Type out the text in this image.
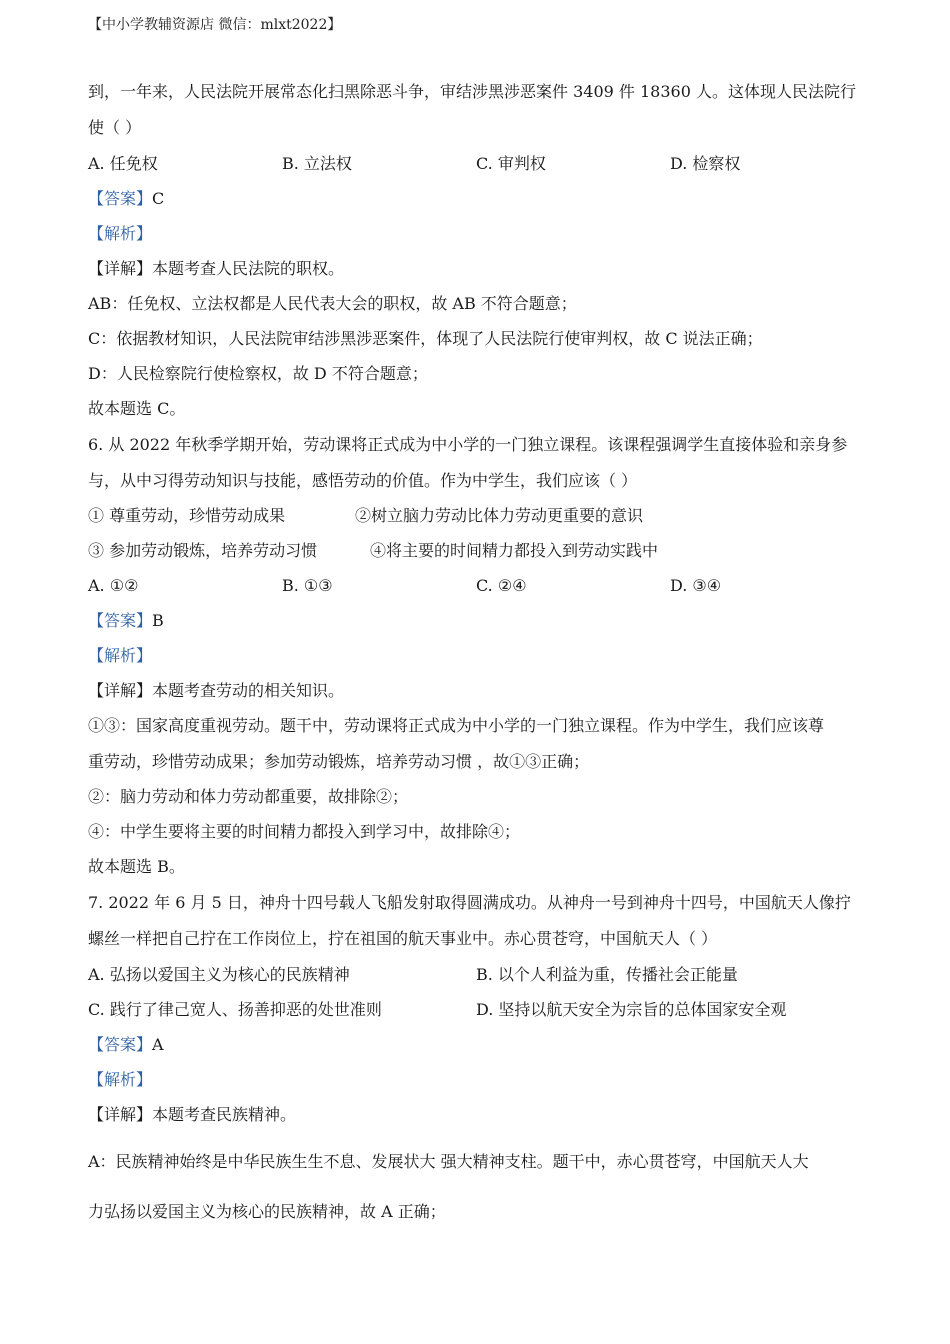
【中小学教辅资源店 微信：mlxt2022】
到，一年来，人民法院开展常态化扫黑除恶斗争，审结涉黑涉恶案件 3409 件 18360 人。这体现人民法院行
使（ ）
A. 任免权	B. 立法权	C. 审判权	D. 检察权
【答案】C
【解析】
【详解】本题考查人民法院的职权。
AB：任免权、立法权都是人民代表大会的职权，故 AB 不符合题意；
C：依据教材知识，人民法院审结涉黑涉恶案件，体现了人民法院行使审判权，故 C 说法正确；
D：人民检察院行使检察权，故 D 不符合题意；
故本题选 C。
6. 从 2022 年秋季学期开始，劳动课将正式成为中小学的一门独立课程。该课程强调学生直接体验和亲身参
与，从中习得劳动知识与技能，感悟劳动的价值。作为中学生，我们应该（ ）
① 尊重劳动，珍惜劳动成果	②树立脑力劳动比体力劳动更重要的意识
③ 参加劳动锻炼，培养劳动习惯	④将主要的时间精力都投入到劳动实践中
A. ①②	B. ①③	C. ②④	D. ③④
【答案】B
【解析】
【详解】本题考查劳动的相关知识。
①③：国家高度重视劳动。题干中，劳动课将正式成为中小学的一门独立课程。作为中学生，我们应该尊
重劳动，珍惜劳动成果；参加劳动锻炼，培养劳动习惯 ，故①③正确；
②：脑力劳动和体力劳动都重要，故排除②；
④：中学生要将主要的时间精力都投入到学习中，故排除④；
故本题选 B。
7. 2022 年 6 月 5 日，神舟十四号载人飞船发射取得圆满成功。从神舟一号到神舟十四号，中国航天人像拧
螺丝一样把自己拧在工作岗位上，拧在祖国的航天事业中。赤心贯苍穹，中国航天人（ ）
A. 弘扬以爱国主义为核心的民族精神	B. 以个人利益为重，传播社会正能量
C. 践行了律己宽人、扬善抑恶的处世准则	D. 坚持以航天安全为宗旨的总体国家安全观
【答案】A
【解析】
【详解】本题考查民族精神。
A：民族精神始终是中华民族生生不息、发展状大 强大精神支柱。题干中，赤心贯苍穹，中国航天人大
力弘扬以爱国主义为核心的民族精神，故 A 正确；
